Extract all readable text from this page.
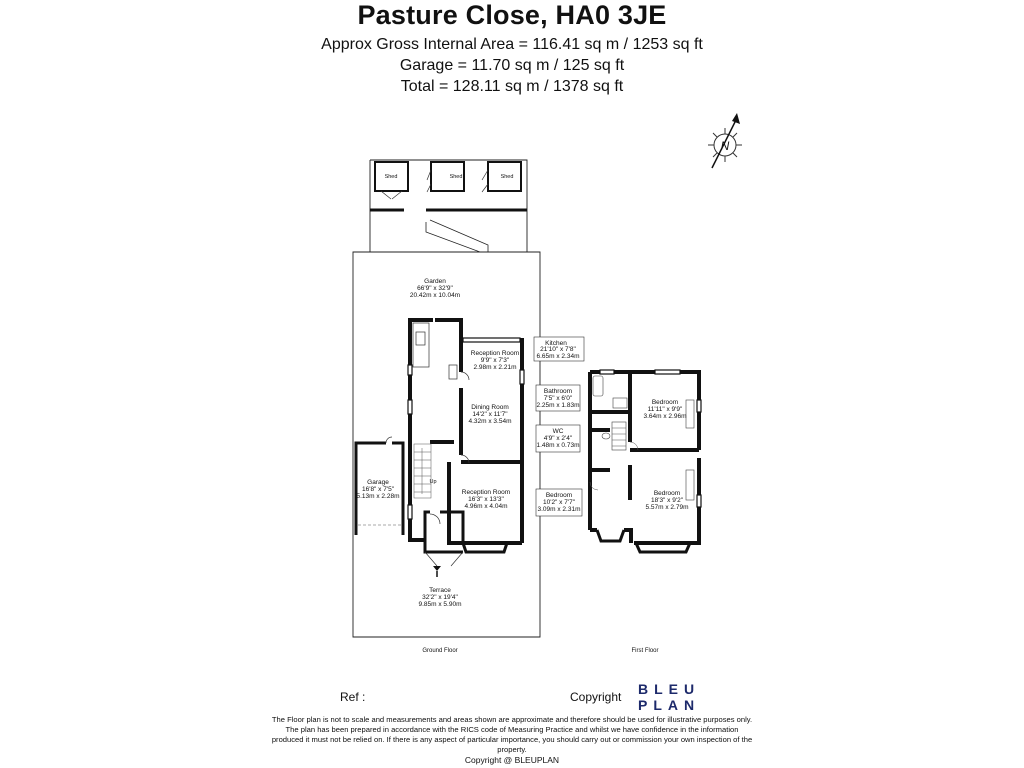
Pasture Close, HA0 3JE
Approx Gross Internal Area = 116.41 sq m / 1253 sq ft
Garage = 11.70 sq m / 125 sq ft
Total = 128.11 sq m / 1378 sq ft
N
Shed	Shed	Shed
Garden
66'9" x 32'9"
20.42m x 10.04m
Up
Kitchen
21'10" x 7'8"
6.65m x 2.34m
Reception Room
9'9" x 7'3"
2.98m x 2.21m
Dining Room
14'2" x 11'7"
4.32m x 3.54m
Reception Room
16'3" x 13'3"
4.96m x 4.04m
Garage
16'8" x 7'5"
5.13m x 2.28m
Terrace
32'2" x 19'4"
9.85m x 5.90m
Ground Floor
Bathroom
7'5" x 6'0"
2.25m x 1.83m
WC
4'9" x 2'4"
1.48m x 0.73m
Bedroom
10'2" x 7'7"
3.09m x 2.31m
Bedroom
11'11" x 9'9"
3.64m x 2.96m
Bedroom
18'3" x 9'2"
5.57m x 2.79m
First Floor
Ref :	Copyright BLEU
PLAN
The Floor plan is not to scale and measurements and areas shown are approximate and therefore should be used for illustrative purposes only. The plan has been prepared in accordance with the RICS code of Measuring Practice and whilst we have confidence in the information produced it must not be relied on. If there is any aspect of particular importance, you should carry out or commission your own inspection of the property.
Copyright @ BLEUPLAN
